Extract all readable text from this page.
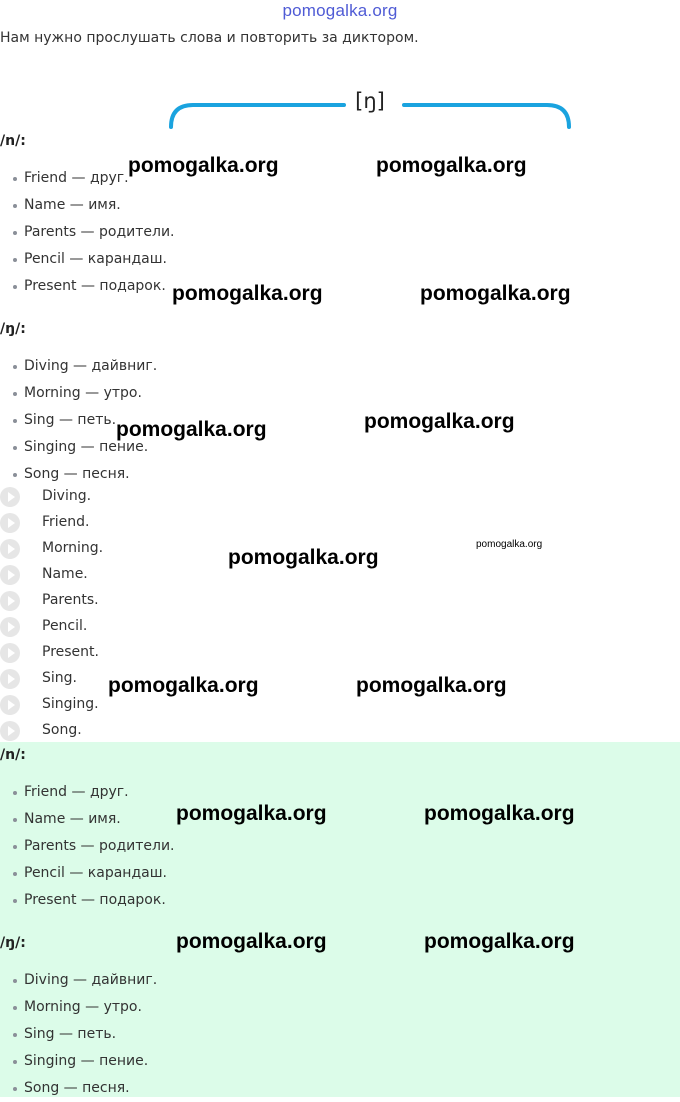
pomogalka.org
Нам нужно прослушать слова и повторить за диктором.
[ŋ]
/n/:
Friend — друг.
Name — имя.
Parents — родители.
Pencil — карандаш.
Present — подарок.
/ŋ/:
Diving — дайвниг.
Morning — утро.
Sing — петь.
Singing — пение.
Song — песня.
Diving.
Friend.
Morning.
Name.
Parents.
Pencil.
Present.
Sing.
Singing.
Song.
/n/:
Friend — друг.
Name — имя.
Parents — родители.
Pencil — карандаш.
Present — подарок.
/ŋ/:
Diving — дайвниг.
Morning — утро.
Sing — петь.
Singing — пение.
Song — песня.
pomogalka.org	pomogalka.org
pomogalka.org	pomogalka.org
pomogalka.org	pomogalka.org
pomogalka.org
pomogalka.org
pomogalka.org	pomogalka.org
pomogalka.org	pomogalka.org
pomogalka.org	pomogalka.org
